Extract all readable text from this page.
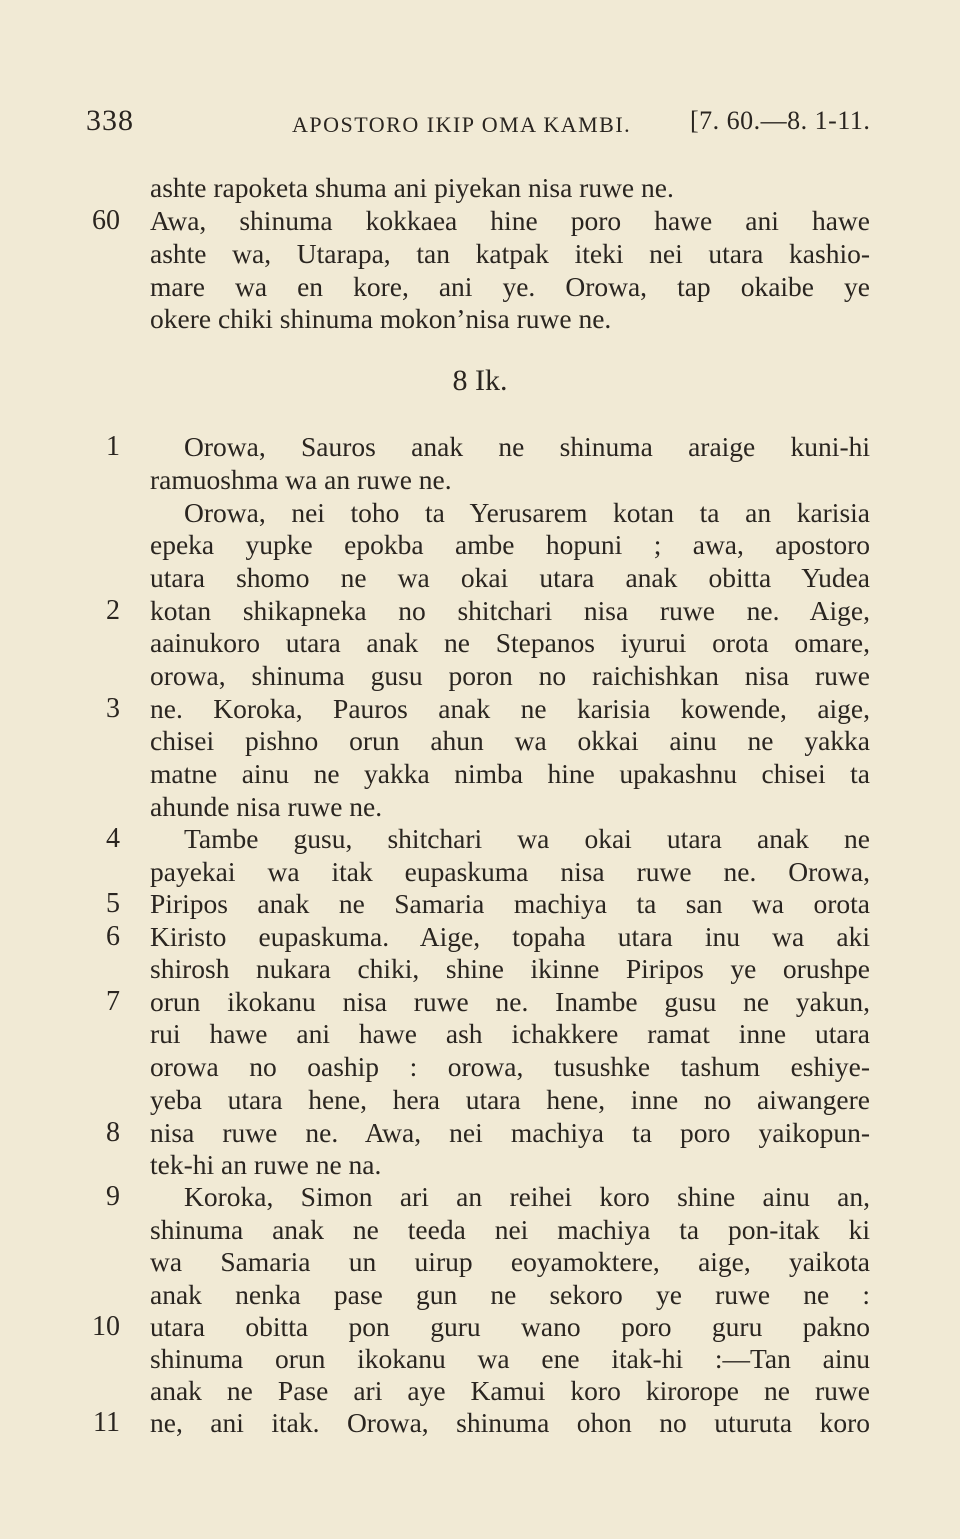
338	APOSTORO IKIP OMA KAMBI. [7. 60.—8. 1-11.
8 Ik.
60
1
2
3
4
5
6
7
8
9
10
11
ashte rapoketa shuma ani piyekan nisa ruwe ne.
Awa, shinuma kokkaea hine poro hawe ani hawe
ashte wa, Utarapa, tan katpak iteki nei utara kashio-
mare wa en kore, ani ye. Orowa, tap okaibe ye
okere chiki shinuma mokon’nisa ruwe ne.
Orowa, Sauros anak ne shinuma araige kuni-hi
ramuoshma wa an ruwe ne.
Orowa, nei toho ta Yerusarem kotan ta an karisia
epeka yupke epokba ambe hopuni ; awa, apostoro
utara shomo ne wa okai utara anak obitta Yudea
kotan shikapneka no shitchari nisa ruwe ne. Aige,
aainukoro utara anak ne Stepanos iyurui orota omare,
orowa, shinuma gusu poron no raichishkan nisa ruwe
ne. Koroka, Pauros anak ne karisia kowende, aige,
chisei pishno orun ahun wa okkai ainu ne yakka
matne ainu ne yakka nimba hine upakashnu chisei ta
ahunde nisa ruwe ne.
Tambe gusu, shitchari wa okai utara anak ne
payekai wa itak eupaskuma nisa ruwe ne. Orowa,
Piripos anak ne Samaria machiya ta san wa orota
Kiristo eupaskuma. Aige, topaha utara inu wa aki
shirosh nukara chiki, shine ikinne Piripos ye orushpe
orun ikokanu nisa ruwe ne. Inambe gusu ne yakun,
rui hawe ani hawe ash ichakkere ramat inne utara
orowa no oaship : orowa, tusushke tashum eshiye-
yeba utara hene, hera utara hene, inne no aiwangere
nisa ruwe ne. Awa, nei machiya ta poro yaikopun-
tek-hi an ruwe ne na.
Koroka, Simon ari an reihei koro shine ainu an,
shinuma anak ne teeda nei machiya ta pon-itak ki
wa Samaria un uirup eoyamoktere, aige, yaikota
anak nenka pase gun ne sekoro ye ruwe ne :
utara obitta pon guru wano poro guru pakno
shinuma orun ikokanu wa ene itak-hi :—Tan ainu
anak ne Pase ari aye Kamui koro kirorope ne ruwe
ne, ani itak. Orowa, shinuma ohon no uturuta koro
